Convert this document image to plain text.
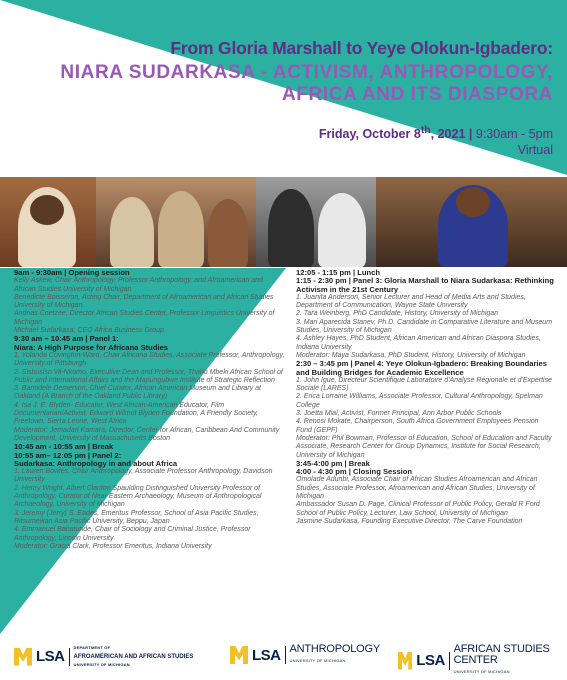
From Gloria Marshall to Yeye Olokun-Igbadero:
NIARA SUDARKASA - ACTIVISM, ANTHROPOLOGY, AFRICA AND ITS DIASPORA
Friday, October 8th, 2021 | 9:30am - 5pm
Virtual

9am - 9:30am | Opening session

Kelly Askew, Chair Anthropology, Professor Anthropology, and Afroamerican and African Studies University of Michigan

Benedicte Boisseron, Acting Chair, Department of Afroamerican and African Studies University of Michigan

Andrias Coetzee, Director African Studies Center, Professor Linguistics University of Michigan

Michael Sudarkasa, CEO Africa Business Group

9:30 am – 10:45 am | Panel 1:

Niara: A High Purpose for Africana Studies

1. Yolanda Covington-Ward, Chair Africana Studies, Associate Professor, Anthropology, University of Pittsburgh

2. Sisbusiso Vil-Nkomo, Executive Dean and Professor, Thabo Mbeki African School of Public and International Affairs and the Mapungubwe Institute of Strategic Reflection

3. Barnidele Demerson, Chief Curator, African American Museum and Library at Oakland (A Branch of the Oakland Public Library)

4. Isa J. E. Blyden- Educator, West African-American Educator, Film Documentarian/Activist, Edward Wilmot Blyden Foundation, A Friendly Society, Freetown, Sierra Leone, West Africa

Moderator: Jemadari Kamara, Director, Center for African, Caribbean And Community Development, University of Massachusetts Boston

10:45 am - 10:55 am | Break

10:55 am– 12:05 pm | Panel 2:

Sudarkasa: Anthropology in and about Africa

1. Lauren Bowles, Chair Anthropology, Associate Professor Anthropology, Davidson University

2. Henry Wright, Albert Clanton Spaulding Distinguished University Professor of Anthropology, Curator of Near Eastern Archaeology, Museum of Anthropological Archaeology, University of Michigan

3. Jeremy (Jerry) S. Eades, Emeritus Professor, School of Asia Pacific Studies, Ritsumeikan Asia Pacific University, Beppu, Japan

4. Emmanuel Babatunde, Chair of Sociology and Criminal Justice, Professor Anthropology, Lincoln University

Moderator: Gracia Clark, Professor Emeritus, Indiana University

12:05 - 1:15 pm | Lunch

1:15 - 2:30 pm | Panel 3: Gloria Marshall to Niara Sudarkasa: Rethinking Activism in the 21st Century

1. Juanita Anderson, Senior Lecturer and Head of Media Arts and Studies, Department of Communication, Wayne State University

2. Tara Weinberg, PhD Candidate, History, University of Michigan

3. Mari Aparecida Stanev, Ph.D. Candidate in Comparative Literature and Museum Studies, University of Michigan

4. Ashley Hayes, PhD Student, African American and African Diaspora Studies, Indiana University

Moderator: Maya Sudarkasa, PhD Student, History, University of Michigan

2:30 – 3:45 pm | Panel 4: Yeye Olokun-Igbadero: Breaking Boundaries and Building Bridges for Academic Excellence

1. John Igue, Directeur Scientifique Laboratoire d'Analyse Régionale et d'Expertise Sociale (LARES)

2. Erica Lorraine Williams, Associate Professor, Cultural Anthropology, Spelman College

3. Joetta Mial, Activist, Former Principal, Ann Arbor Public Schools

4. Renosi Mokate, Chairperson, South Africa Government Employees Pension Fund (GEPF)

Moderator: Phil Bowman, Professor of Education, School of Education and Faculty Associate, Research Center for Group Dynamics, Institute for Social Research, University of Michigan

3:45-4:00 pm | Break

4:00 - 4:30 pm | Closing Session

Omolade Adunbi, Associate Chair of African Studies Afroamerican and African Studies, Associate Professor, Afroamerican and African Studies, University of Michigan

Ambassador Susan D. Page, Clinical Professor of Public Policy, Gerald R Ford School of Public Policy, Lecturer, Law School, University of Michigan

Jasmine Sudarkasa, Founding Executive Director, The Carve Foundation

LSA
DEPARTMENT OF
AFROAMERICAN AND AFRICAN STUDIES
UNIVERSITY OF MICHIGAN
LSA ANTHROPOLOGY
UNIVERSITY OF MICHIGAN	LSA
AFRICAN STUDIES CENTER
UNIVERSITY OF MICHIGAN
